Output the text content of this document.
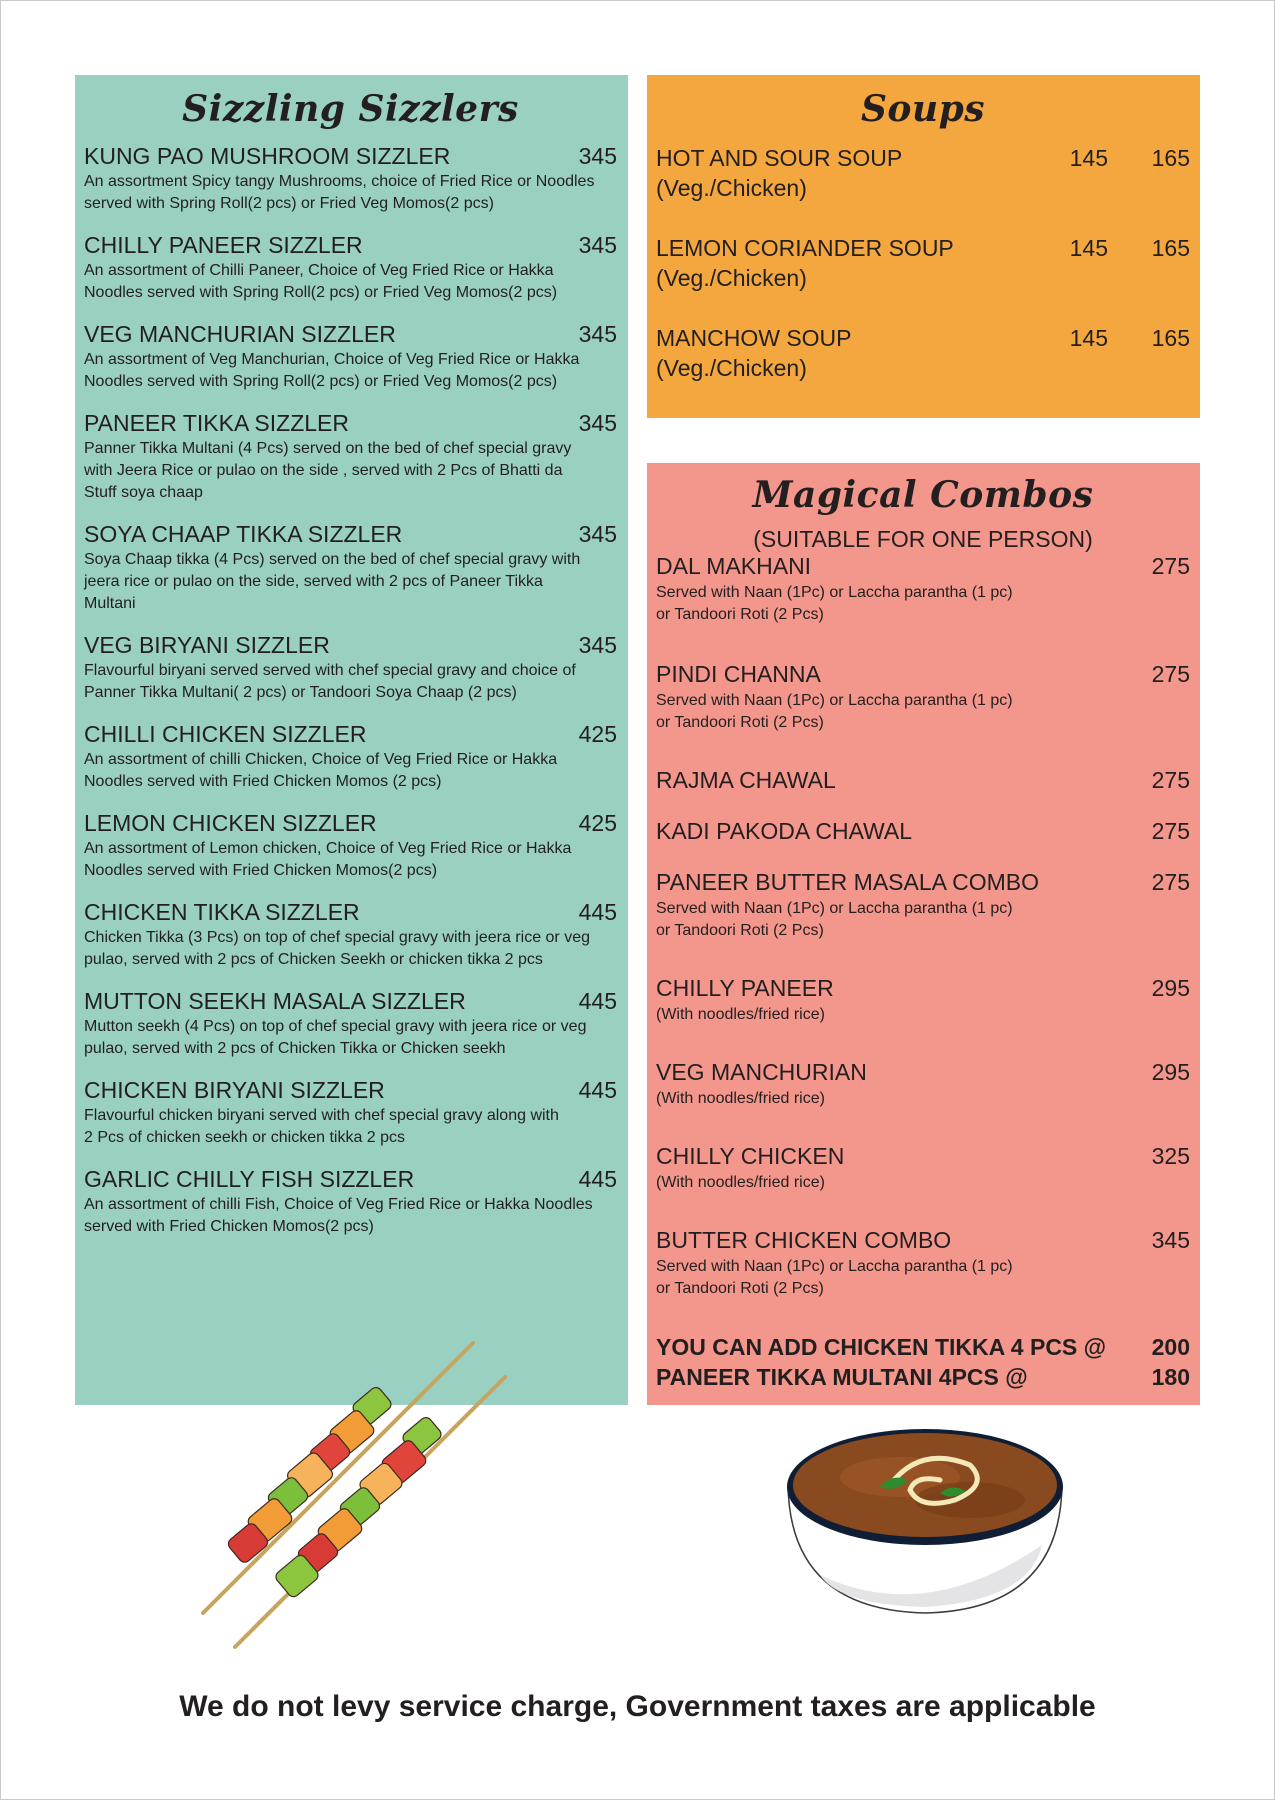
Sizzling Sizzlers
KUNG PAO MUSHROOM SIZZLER	345
An assortment Spicy tangy Mushrooms, choice of Fried Rice or Noodles
served with Spring Roll(2 pcs) or Fried Veg Momos(2 pcs)
CHILLY PANEER SIZZLER	345
An assortment of Chilli Paneer, Choice of Veg Fried Rice or Hakka
Noodles served with Spring Roll(2 pcs) or Fried Veg Momos(2 pcs)
VEG MANCHURIAN SIZZLER	345
An assortment of Veg Manchurian, Choice of Veg Fried Rice or Hakka
Noodles served with Spring Roll(2 pcs) or Fried Veg Momos(2 pcs)
PANEER TIKKA SIZZLER	345
Panner Tikka Multani (4 Pcs) served on the bed of chef special gravy
with Jeera Rice or pulao on the side , served with 2 Pcs of Bhatti da
Stuff soya chaap
SOYA CHAAP TIKKA SIZZLER	345
Soya Chaap tikka (4 Pcs) served on the bed of chef special gravy with
jeera rice or pulao on the side, served with 2 pcs of Paneer Tikka
Multani
VEG BIRYANI SIZZLER	345
Flavourful biryani served served with chef special gravy and choice of
Panner Tikka Multani( 2 pcs) or Tandoori Soya Chaap (2 pcs)
CHILLI CHICKEN SIZZLER	425
An assortment of chilli Chicken, Choice of Veg Fried Rice or Hakka
Noodles served with Fried Chicken Momos (2 pcs)
LEMON CHICKEN SIZZLER	425
An assortment of Lemon chicken, Choice of Veg Fried Rice or Hakka
Noodles served with Fried Chicken Momos(2 pcs)
CHICKEN TIKKA SIZZLER	445
Chicken Tikka (3 Pcs) on top of chef special gravy with jeera rice or veg
pulao, served with 2 pcs of Chicken Seekh or chicken tikka 2 pcs
MUTTON SEEKH MASALA SIZZLER	445
Mutton seekh (4 Pcs) on top of chef special gravy with jeera rice or veg
pulao, served with 2 pcs of Chicken Tikka or Chicken seekh
CHICKEN BIRYANI SIZZLER	445
Flavourful chicken biryani served with chef special gravy along with
2 Pcs of chicken seekh or chicken tikka 2 pcs
GARLIC CHILLY FISH SIZZLER	445
An assortment of chilli Fish, Choice of Veg Fried Rice or Hakka Noodles
served with Fried Chicken Momos(2 pcs)
Soups
HOT AND SOUR SOUP	145	165
(Veg./Chicken)
LEMON CORIANDER SOUP	145	165
(Veg./Chicken)
MANCHOW SOUP	145	165
(Veg./Chicken)
Magical Combos
(SUITABLE FOR ONE PERSON)
DAL MAKHANI	275
Served with Naan (1Pc) or Laccha parantha (1 pc)
or Tandoori Roti (2 Pcs)
PINDI CHANNA	275
Served with Naan (1Pc) or Laccha parantha (1 pc)
or Tandoori Roti (2 Pcs)
RAJMA CHAWAL	275
KADI PAKODA CHAWAL	275
PANEER BUTTER MASALA COMBO	275
Served with Naan (1Pc) or Laccha parantha (1 pc)
or Tandoori Roti (2 Pcs)
CHILLY PANEER	295
(With noodles/fried rice)
VEG MANCHURIAN	295
(With noodles/fried rice)
CHILLY CHICKEN	325
(With noodles/fried rice)
BUTTER CHICKEN COMBO	345
Served with Naan (1Pc) or Laccha parantha (1 pc)
or Tandoori Roti (2 Pcs)
YOU CAN ADD CHICKEN TIKKA 4 PCS @	200
PANEER TIKKA MULTANI 4PCS @	180
We do not levy service charge, Government taxes are applicable
